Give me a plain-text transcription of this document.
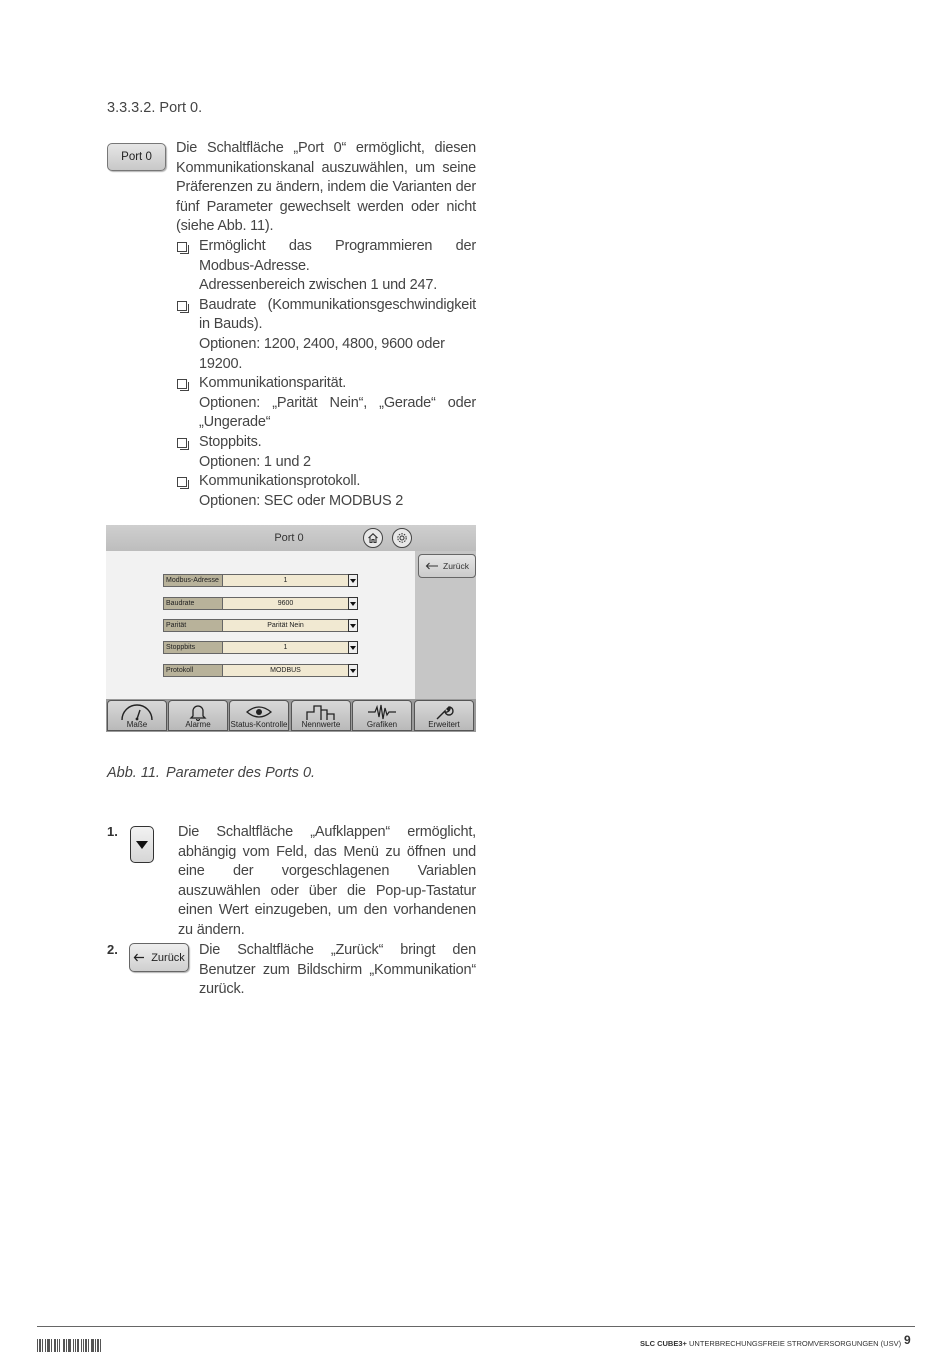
3.3.3.2. Port 0.
Port 0
Die Schaltfläche „Port 0“ ermöglicht, diesen Kommunikationskanal auszuwählen, um seine Präferenzen zu ändern, indem die Varianten der fünf Parameter gewechselt werden oder nicht (siehe Abb. 11).
Ermöglicht das Programmieren der Modbus-Adresse.
Adressenbereich zwischen 1 und 247.
Baudrate (Kommunikationsgeschwindigkeit in Bauds).
Optionen: 1200, 2400, 4800, 9600 oder 19200.
Kommunikationsparität.
Optionen: „Parität Nein“, „Gerade“ oder „Ungerade“
Stoppbits.
Optionen: 1 und 2
Kommunikationsprotokoll.
Optionen: SEC oder MODBUS 2
Port 0
Zurück
Modbus-Adresse	1
Baudrate	9600
Parität	Parität Nein
Stoppbits	1
Protokoll	MODBUS
Maße	Alarme	Status-Kontrolle	Nennwerte	Grafiken	Erweitert
Abb. 11. Parameter des Ports 0.
1.	Die Schaltfläche „Aufklappen“ ermöglicht, abhängig vom Feld, das Menü zu öffnen und eine der vorgeschlagenen Variablen auszuwählen oder über die Pop-up-Tastatur einen Wert einzugeben, um den vorhandenen zu ändern.
2.
Zurück Die Schaltfläche „Zurück“ bringt den Benutzer zum Bildschirm „Kommunikation“ zurück.
SLC CUBE3+ UNTERBRECHUNGSFREIE STROMVERSORGUNGEN (USV) 9
